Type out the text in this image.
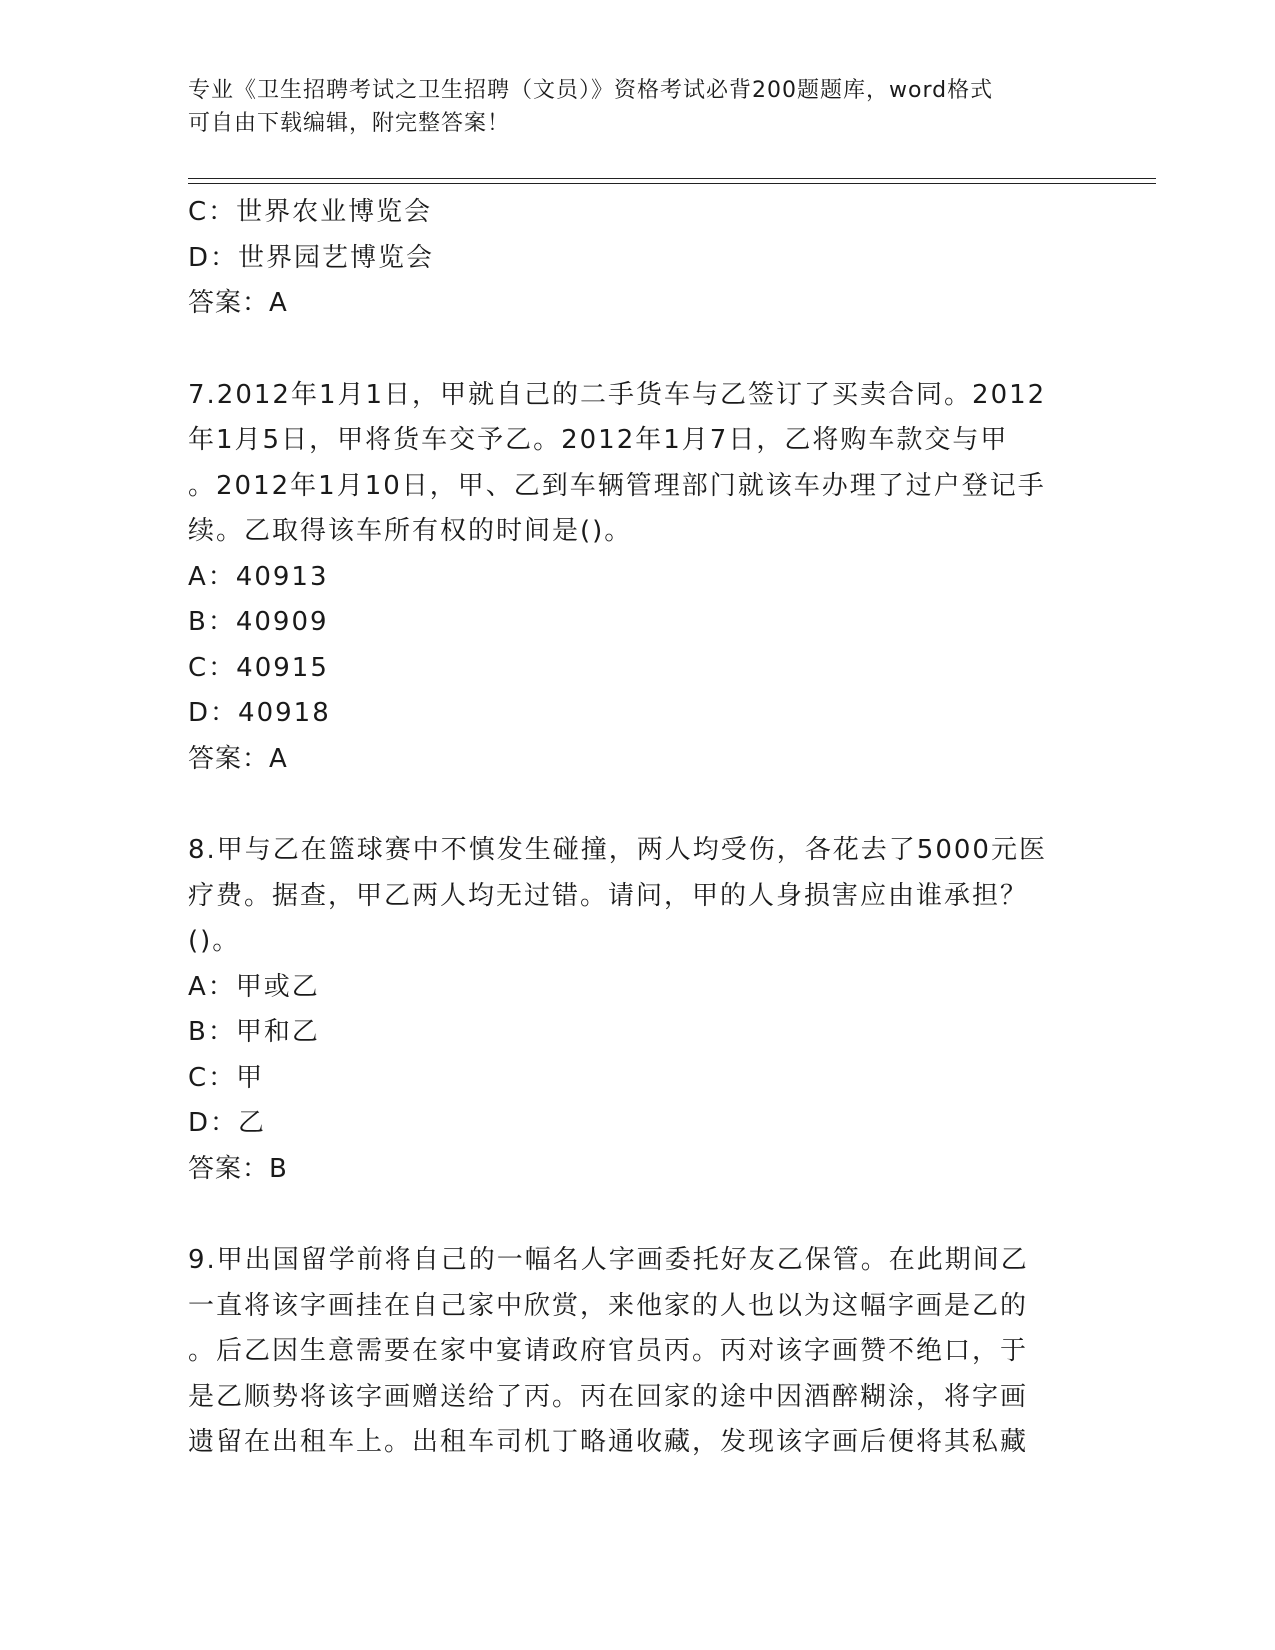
专业《卫生招聘考试之卫生招聘（文员）》资格考试必背200题题库，word格式
可自由下载编辑，附完整答案！
C：世界农业博览会
D：世界园艺博览会
答案：A
7.2012年1月1日，甲就自己的二手货车与乙签订了买卖合同。2012
年1月5日，甲将货车交予乙。2012年1月7日，乙将购车款交与甲
。2012年1月10日，甲、乙到车辆管理部门就该车办理了过户登记手
续。乙取得该车所有权的时间是()。
A：40913
B：40909
C：40915
D：40918
答案：A
8.甲与乙在篮球赛中不慎发生碰撞，两人均受伤，各花去了5000元医
疗费。据查，甲乙两人均无过错。请问，甲的人身损害应由谁承担？
()。
A：甲或乙
B：甲和乙
C：甲
D：乙
答案：B
9.甲出国留学前将自己的一幅名人字画委托好友乙保管。在此期间乙
一直将该字画挂在自己家中欣赏，来他家的人也以为这幅字画是乙的
。后乙因生意需要在家中宴请政府官员丙。丙对该字画赞不绝口，于
是乙顺势将该字画赠送给了丙。丙在回家的途中因酒醉糊涂，将字画
遗留在出租车上。出租车司机丁略通收藏，发现该字画后便将其私藏
